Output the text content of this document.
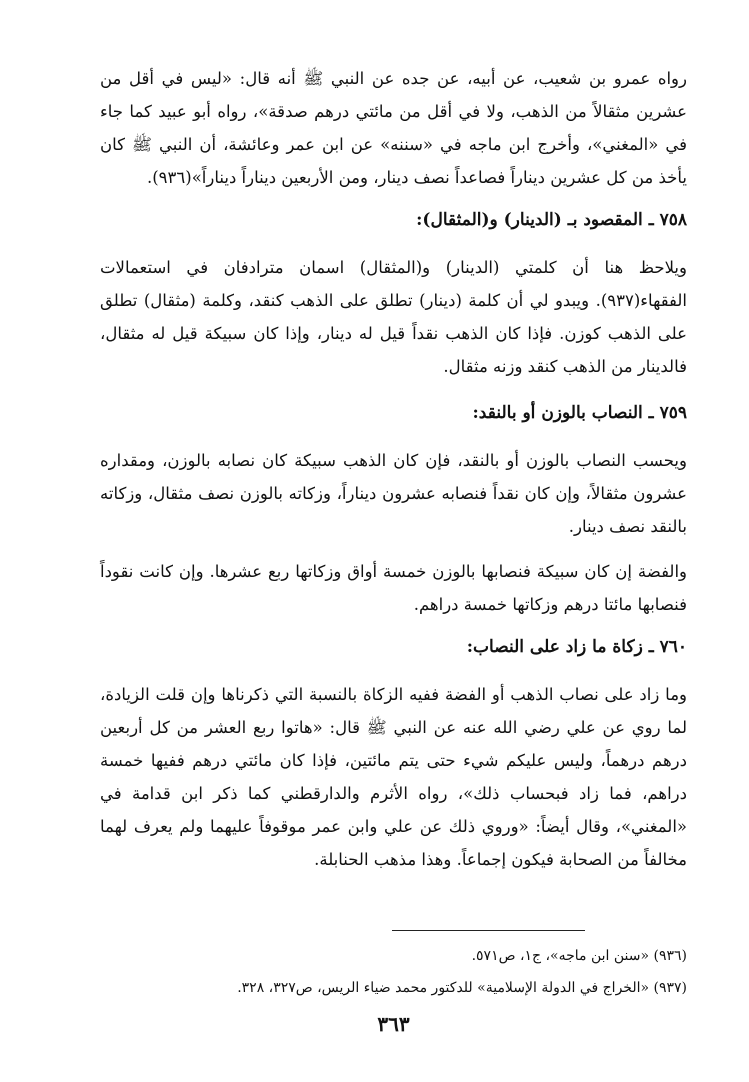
رواه عمرو بن شعيب، عن أبيه، عن جده عن النبي ﷺ أنه قال: «ليس في أقل من عشرين مثقالاً من الذهب، ولا في أقل من مائتي درهم صدقة»، رواه أبو عبيد كما جاء في «المغني»، وأخرج ابن ماجه في «سننه» عن ابن عمر وعائشة، أن النبي ﷺ كان يأخذ من كل عشرين ديناراً فصاعداً نصف دينار، ومن الأربعين ديناراً ديناراً»(٩٣٦).

٧٥٨ ـ المقصود بـ (الدينار) و(المثقال):

ويلاحظ هنا أن كلمتي (الدينار) و(المثقال) اسمان مترادفان في استعمالات الفقهاء(٩٣٧). ويبدو لي أن كلمة (دينار) تطلق على الذهب كنقد، وكلمة (مثقال) تطلق على الذهب كوزن. فإذا كان الذهب نقداً قيل له دينار، وإذا كان سبيكة قيل له مثقال، فالدينار من الذهب كنقد وزنه مثقال.

٧٥٩ ـ النصاب بالوزن أو بالنقد:

ويحسب النصاب بالوزن أو بالنقد، فإن كان الذهب سبيكة كان نصابه بالوزن، ومقداره عشرون مثقالاً، وإن كان نقداً فنصابه عشرون ديناراً، وزكاته بالوزن نصف مثقال، وزكاته بالنقد نصف دينار.

والفضة إن كان سبيكة فنصابها بالوزن خمسة أواق وزكاتها ربع عشرها. وإن كانت نقوداً فنصابها مائتا درهم وزكاتها خمسة دراهم.

٧٦٠ ـ زكاة ما زاد على النصاب:

وما زاد على نصاب الذهب أو الفضة ففيه الزكاة بالنسبة التي ذكرناها وإن قلت الزيادة، لما روي عن علي رضي الله عنه عن النبي ﷺ قال: «هاتوا ربع العشر من كل أربعين درهم درهماً، وليس عليكم شيء حتى يتم مائتين، فإذا كان مائتي درهم ففيها خمسة دراهم، فما زاد فبحساب ذلك»، رواه الأثرم والدارقطني كما ذكر ابن قدامة في «المغني»، وقال أيضاً: «وروي ذلك عن علي وابن عمر موقوفاً عليهما ولم يعرف لهما مخالفاً من الصحابة فيكون إجماعاً. وهذا مذهب الحنابلة.

(٩٣٦) «سنن ابن ماجه»، ج١، ص٥٧١.

(٩٣٧) «الخراج في الدولة الإسلامية» للدكتور محمد ضياء الريس، ص٣٢٧، ٣٢٨.

٣٦٣
